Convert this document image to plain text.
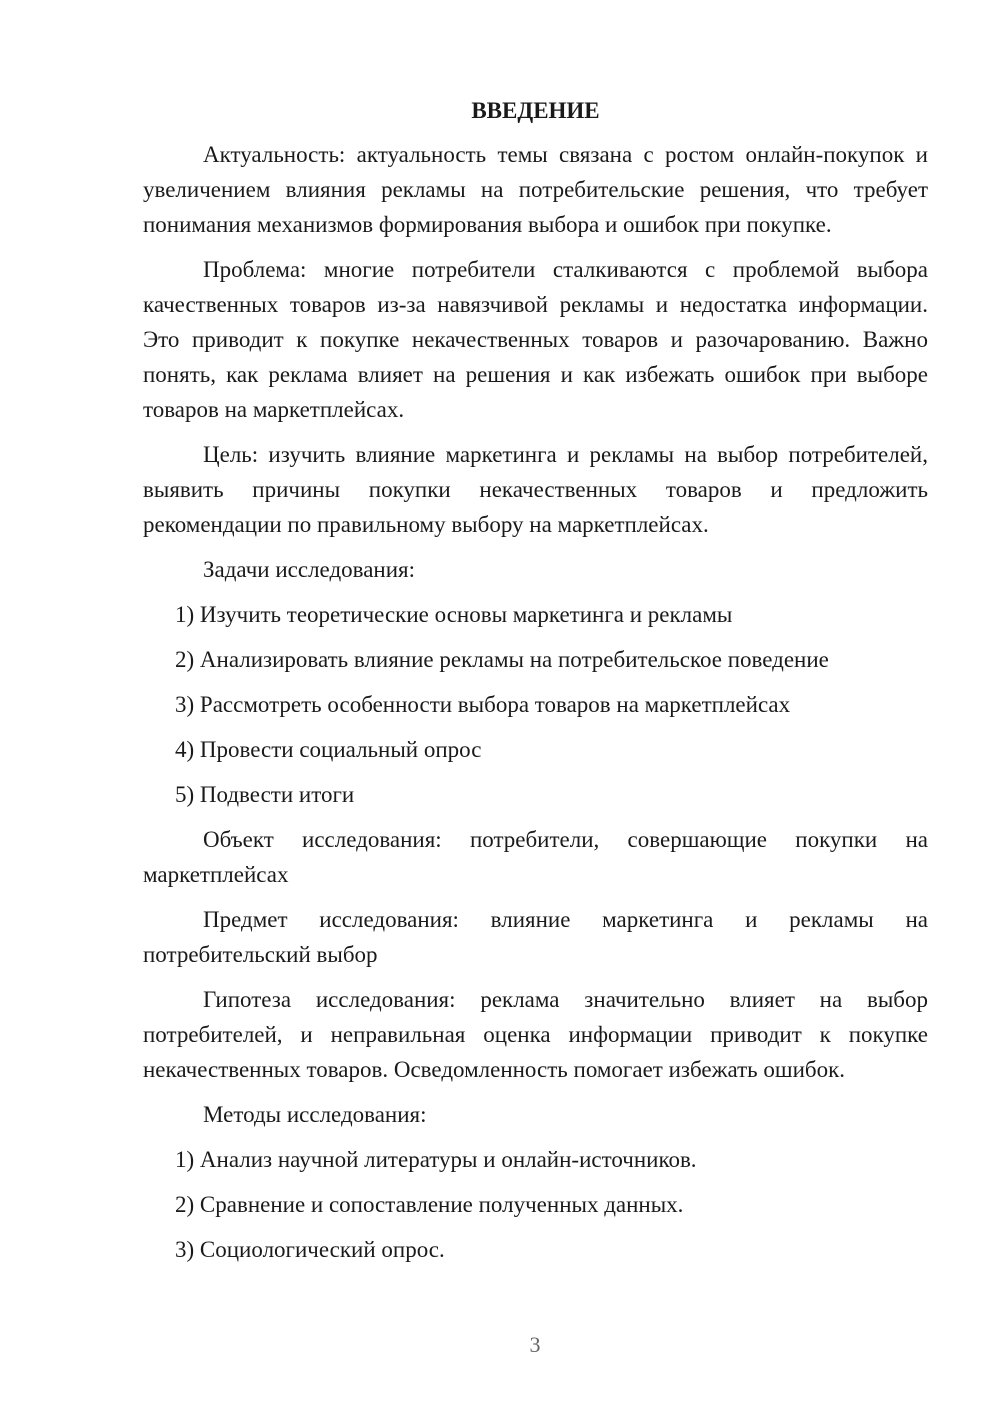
ВВЕДЕНИЕ

Актуальность: актуальность темы связана с ростом онлайн-покупок и увеличением влияния рекламы на потребительские решения, что требует понимания механизмов формирования выбора и ошибок при покупке.

Проблема: многие потребители сталкиваются с проблемой выбора качественных товаров из-за навязчивой рекламы и недостатка информации. Это приводит к покупке некачественных товаров и разочарованию. Важно понять, как реклама влияет на решения и как избежать ошибок при выборе товаров на маркетплейсах.

Цель: изучить влияние маркетинга и рекламы на выбор потребителей, выявить причины покупки некачественных товаров и предложить рекомендации по правильному выбору на маркетплейсах.

Задачи исследования:
1) Изучить теоретические основы маркетинга и рекламы
2) Анализировать влияние рекламы на потребительское поведение
3) Рассмотреть особенности выбора товаров на маркетплейсах
4) Провести социальный опрос
5) Подвести итоги

Объект исследования: потребители, совершающие покупки на маркетплейсах

Предмет исследования: влияние маркетинга и рекламы на потребительский выбор

Гипотеза исследования: реклама значительно влияет на выбор потребителей, и неправильная оценка информации приводит к покупке некачественных товаров. Осведомленность помогает избежать ошибок.

Методы исследования:
1) Анализ научной литературы и онлайн-источников.
2) Сравнение и сопоставление полученных данных.
3) Социологический опрос.
3
